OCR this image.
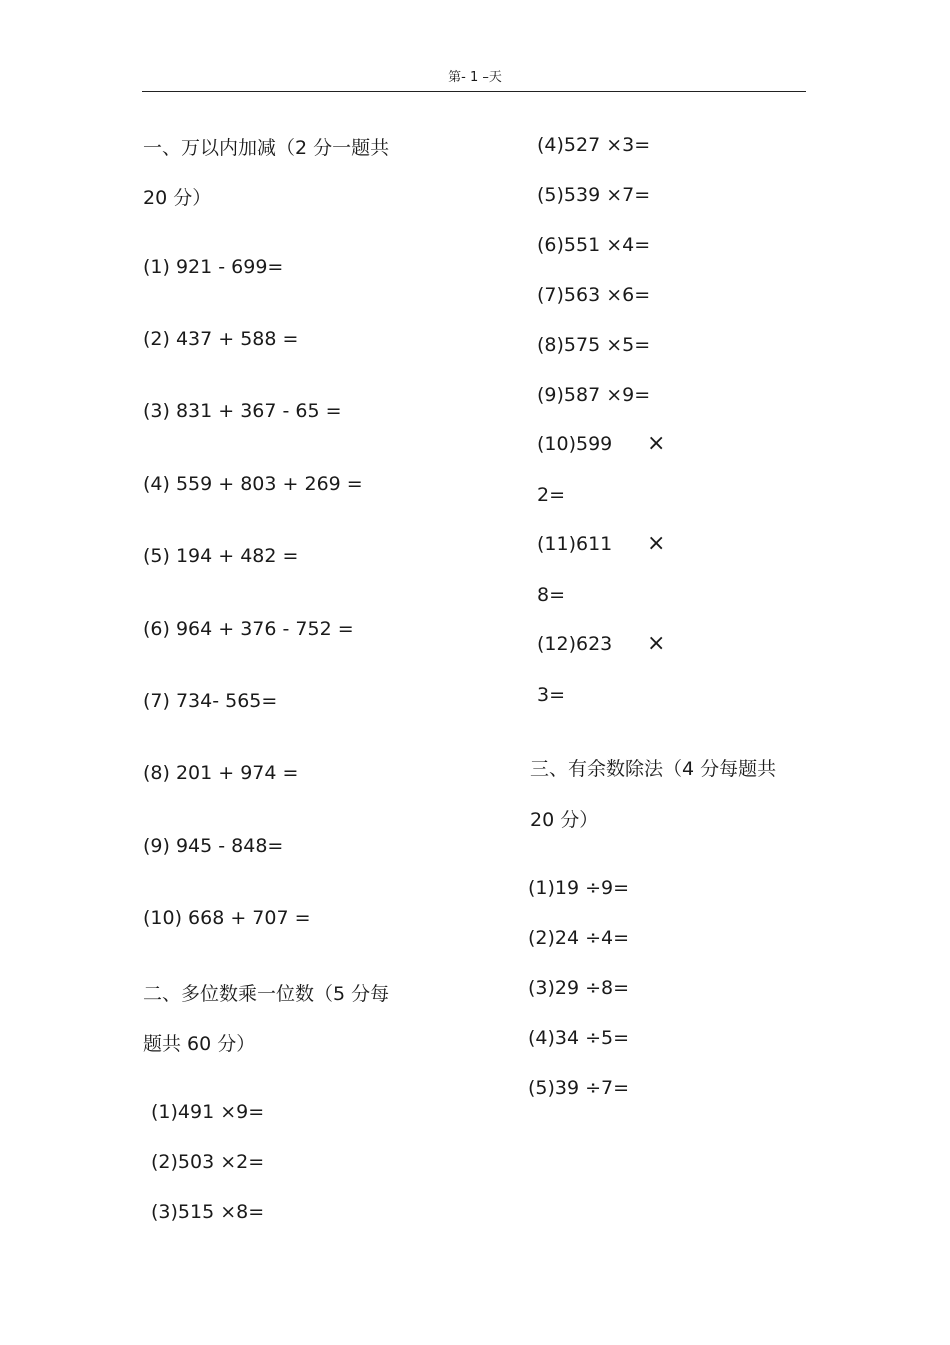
第- 1 –天
一、万以内加减（2 分一题共
20 分）
(1) 921 - 699=
(2) 437 + 588 =
(3) 831 + 367 - 65 =
(4) 559 + 803 + 269 =
(5) 194 + 482 =
(6) 964 + 376 - 752 =
(7) 734- 565=
(8) 201 + 974 =
(9) 945 - 848=
(10) 668 + 707 =
二、多位数乘一位数（5 分每
题共 60 分）
(1)491 ×9=
(2)503 ×2=
(3)515 ×8=
(4)527 ×3=
(5)539 ×7=
(6)551 ×4=
(7)563 ×6=
(8)575 ×5=
(9)587 ×9=
(10)599 ×
2=
(11)611 ×
8=
(12)623 ×
3=
三、有余数除法（4 分每题共
20 分）
(1)19 ÷9=
(2)24 ÷4=
(3)29 ÷8=
(4)34 ÷5=
(5)39 ÷7=
